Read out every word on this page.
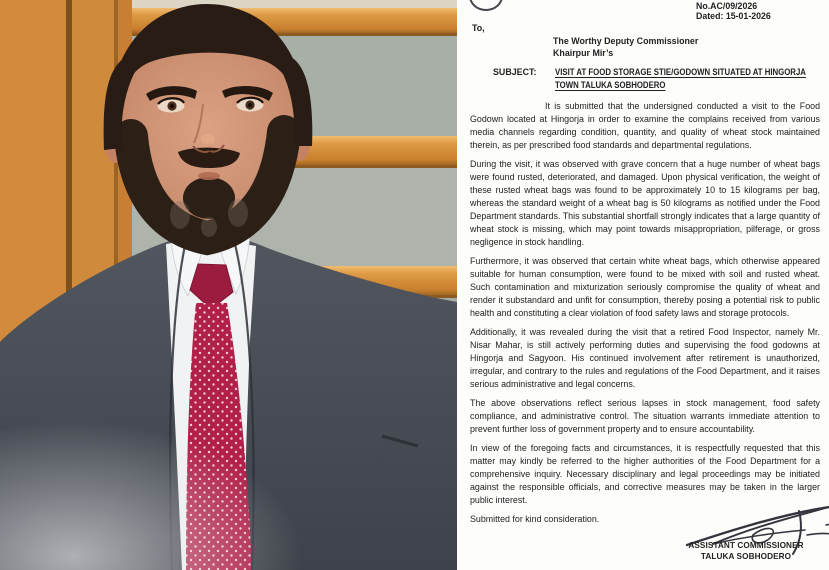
No.AC/09/2026
Dated: 15-01-2026
To,
The Worthy Deputy Commissioner
Khairpur Mir’s
SUBJECT:	VISIT AT FOOD STORAGE STIE/GODOWN SITUATED AT HINGORJA
TOWN TALUKA SOBHODERO

It is submitted that the undersigned conducted a visit to the Food Godown located at Hingorja in order to examine the complains received from various media channels regarding condition, quantity, and quality of wheat stock maintained therein, as per prescribed food standards and departmental regulations.

During the visit, it was observed with grave concern that a huge number of wheat bags were found rusted, deteriorated, and damaged. Upon physical verification, the weight of these rusted wheat bags was found to be approximately 10 to 15 kilograms per bag, whereas the standard weight of a wheat bag is 50 kilograms as notified under the Food Department standards. This substantial shortfall strongly indicates that a large quantity of wheat stock is missing, which may point towards misappropriation, pilferage, or gross negligence in stock handling.

Furthermore, it was observed that certain white wheat bags, which otherwise appeared suitable for human consumption, were found to be mixed with soil and rusted wheat. Such contamination and mixturization seriously compromise the quality of wheat and render it substandard and unfit for consumption, thereby posing a potential risk to public health and constituting a clear violation of food safety laws and storage protocols.

Additionally, it was revealed during the visit that a retired Food Inspector, namely Mr. Nisar Mahar, is still actively performing duties and supervising the food godowns at Hingorja and Sagyoon. His continued involvement after retirement is unauthorized, irregular, and contrary to the rules and regulations of the Food Department, and it raises serious administrative and legal concerns.

The above observations reflect serious lapses in stock management, food safety compliance, and administrative control. The situation warrants immediate attention to prevent further loss of government property and to ensure accountability.

In view of the foregoing facts and circumstances, it is respectfully requested that this matter may kindly be referred to the higher authorities of the Food Department for a comprehensive inquiry. Necessary disciplinary and legal proceedings may be initiated against the responsible officials, and corrective measures may be taken in the larger public interest.

Submitted for kind consideration.
ASSISTANT COMMISSIONER
TALUKA SOBHODERO
